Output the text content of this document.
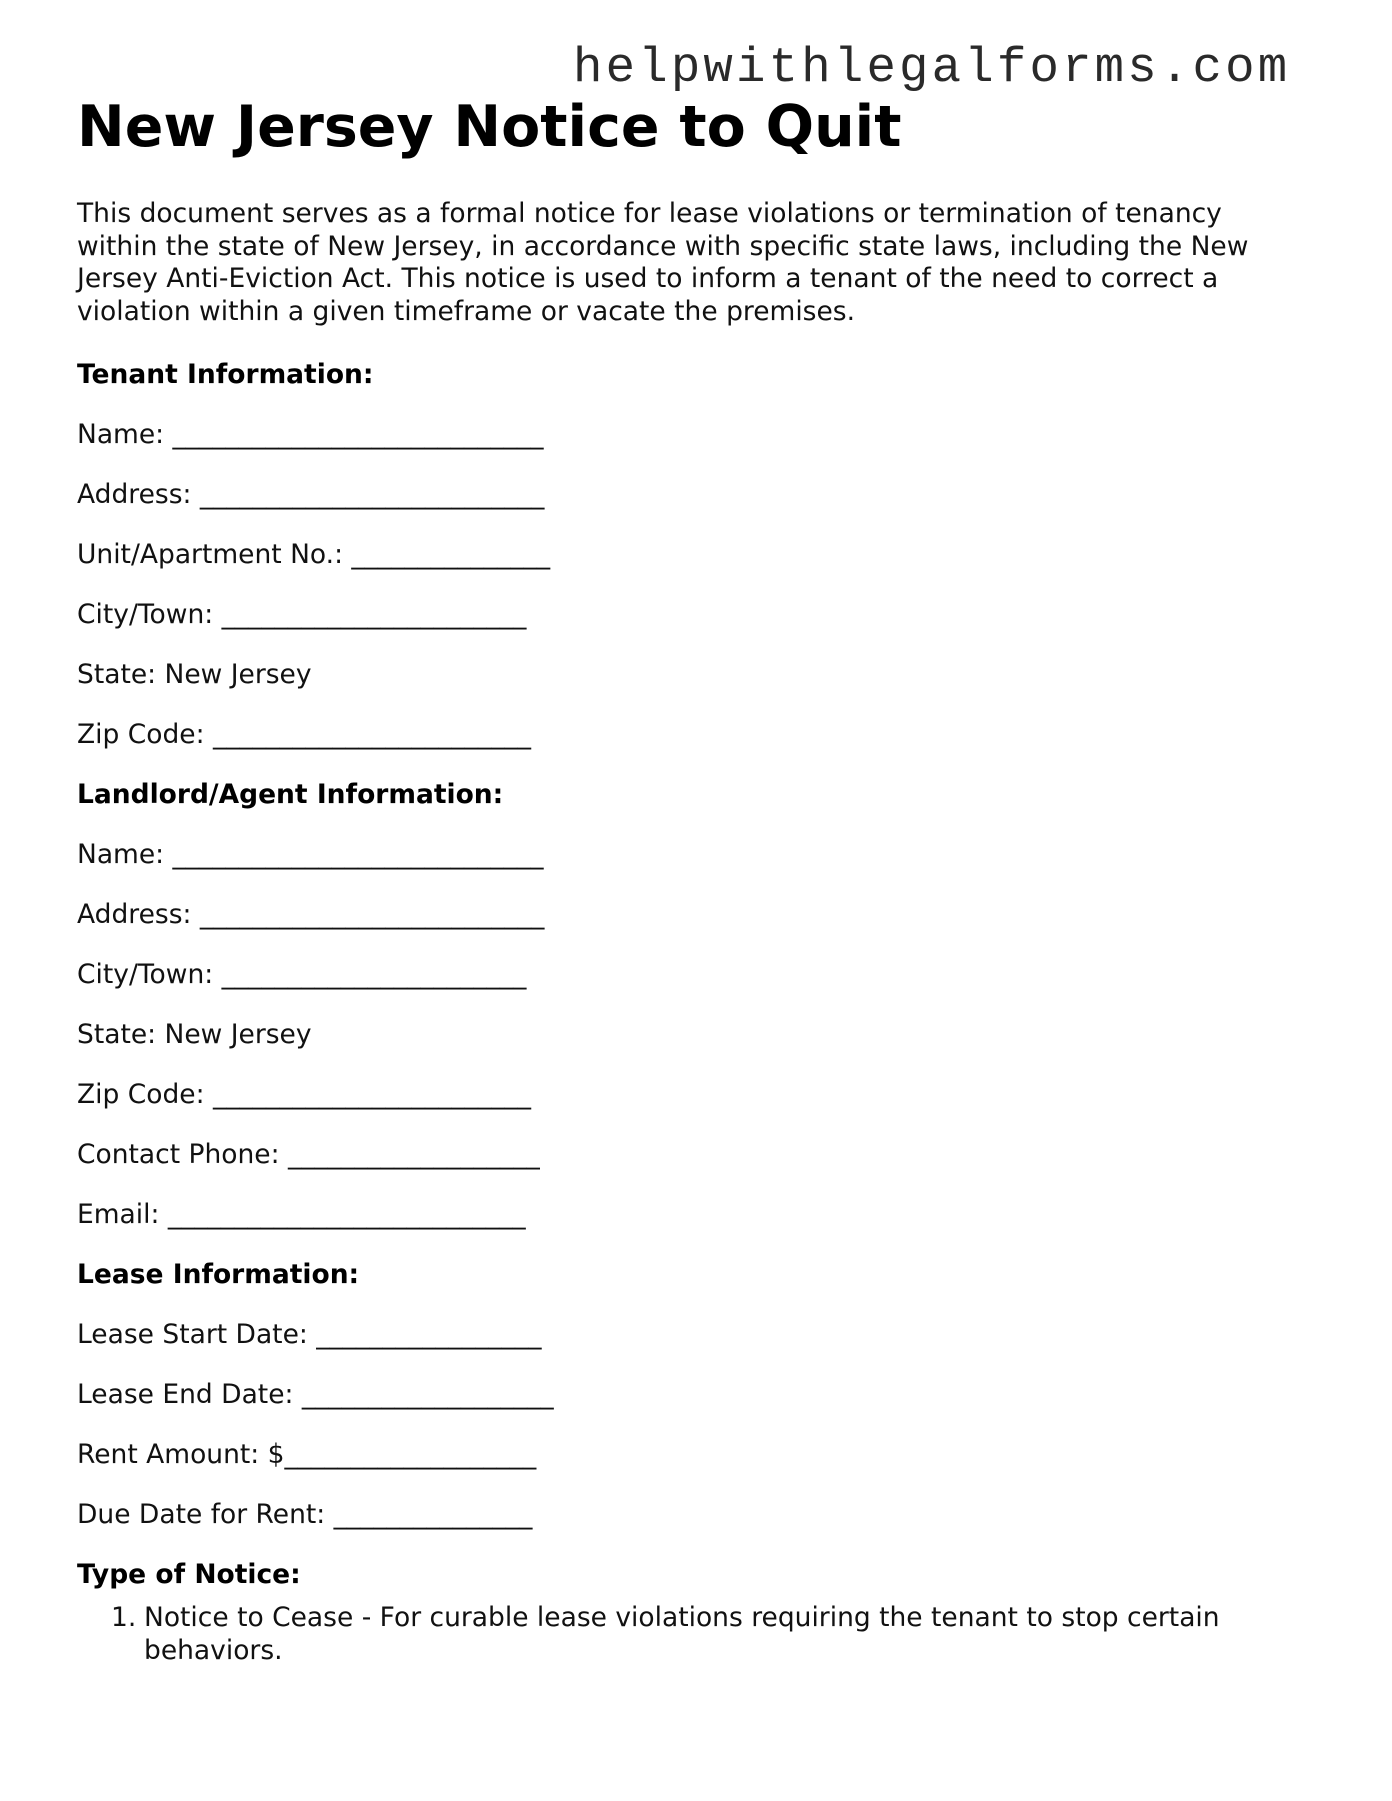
helpwithlegalforms.com
New Jersey Notice to Quit

This document serves as a formal notice for lease violations or termination of tenancy within the state of New Jersey, in accordance with specific state laws, including the New Jersey Anti-Eviction Act. This notice is used to inform a tenant of the need to correct a violation within a given timeframe or vacate the premises.

Tenant Information:
Name: ____________________________
Address: __________________________
Unit/Apartment No.: _______________
City/Town: _______________________
State: New Jersey
Zip Code: ________________________
Landlord/Agent Information:
Name: ____________________________
Address: __________________________
City/Town: _______________________
State: New Jersey
Zip Code: ________________________
Contact Phone: ___________________
Email: ___________________________
Lease Information:
Lease Start Date: _________________
Lease End Date: ___________________
Rent Amount: $___________________
Due Date for Rent: _______________
Type of Notice:
1. Notice to Cease - For curable lease violations requiring the tenant to stop certain behaviors.
